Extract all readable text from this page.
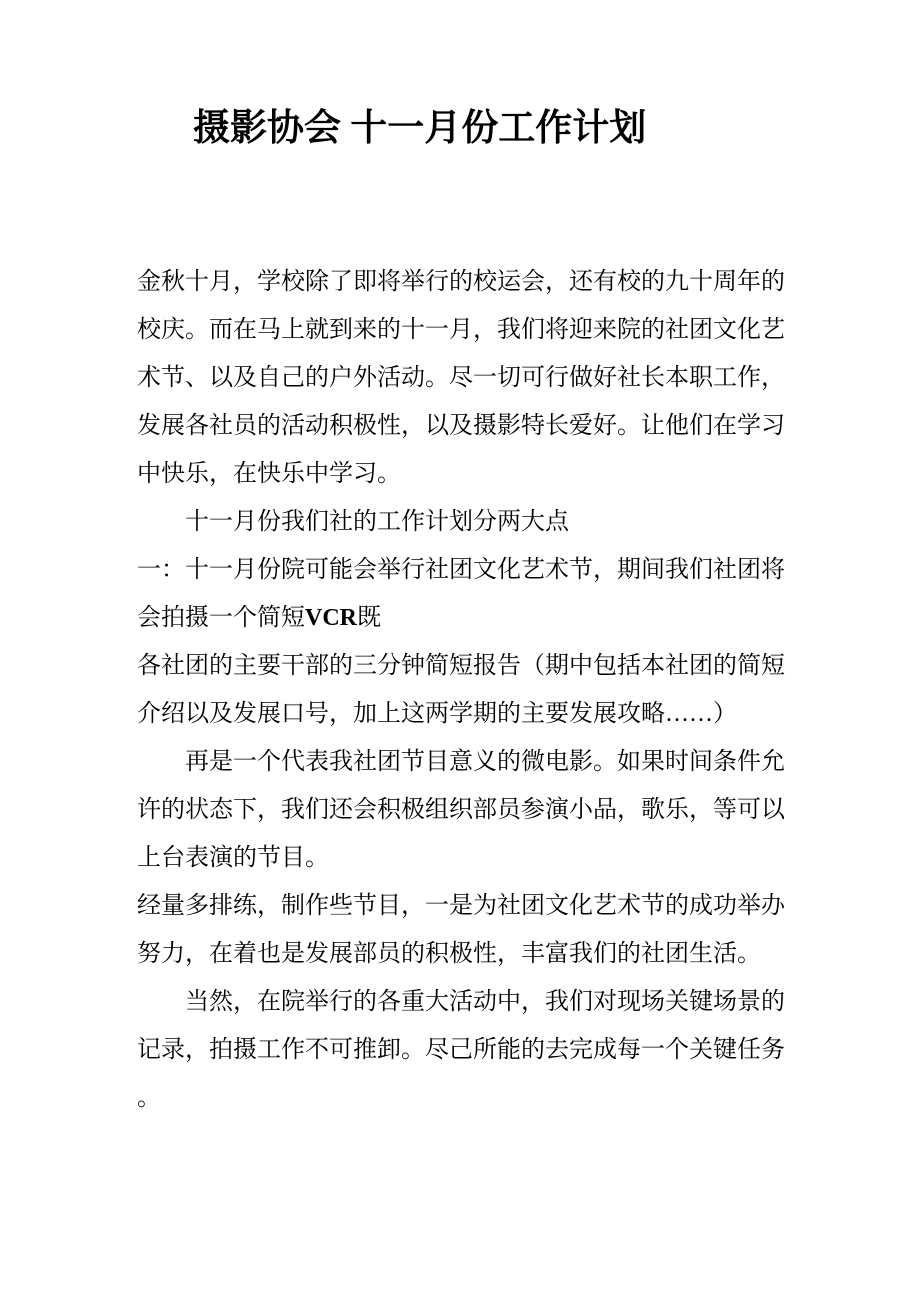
摄影协会 十一月份工作计划
金秋十月，学校除了即将举行的校运会，还有校的九十周年的
校庆。而在马上就到来的十一月，我们将迎来院的社团文化艺
术节、以及自己的户外活动。尽一切可行做好社长本职工作，
发展各社员的活动积极性，以及摄影特长爱好。让他们在学习
中快乐，在快乐中学习。
十一月份我们社的工作计划分两大点
一：十一月份院可能会举行社团文化艺术节，期间我们社团将
会拍摄一个简短VCR既
各社团的主要干部的三分钟简短报告（期中包括本社团的简短
介绍以及发展口号，加上这两学期的主要发展攻略……）
再是一个代表我社团节目意义的微电影。如果时间条件允
许的状态下，我们还会积极组织部员参演小品，歌乐，等可以
上台表演的节目。
经量多排练，制作些节目，一是为社团文化艺术节的成功举办
努力，在着也是发展部员的积极性，丰富我们的社团生活。
当然，在院举行的各重大活动中，我们对现场关键场景的
记录，拍摄工作不可推卸。尽己所能的去完成每一个关键任务
。
